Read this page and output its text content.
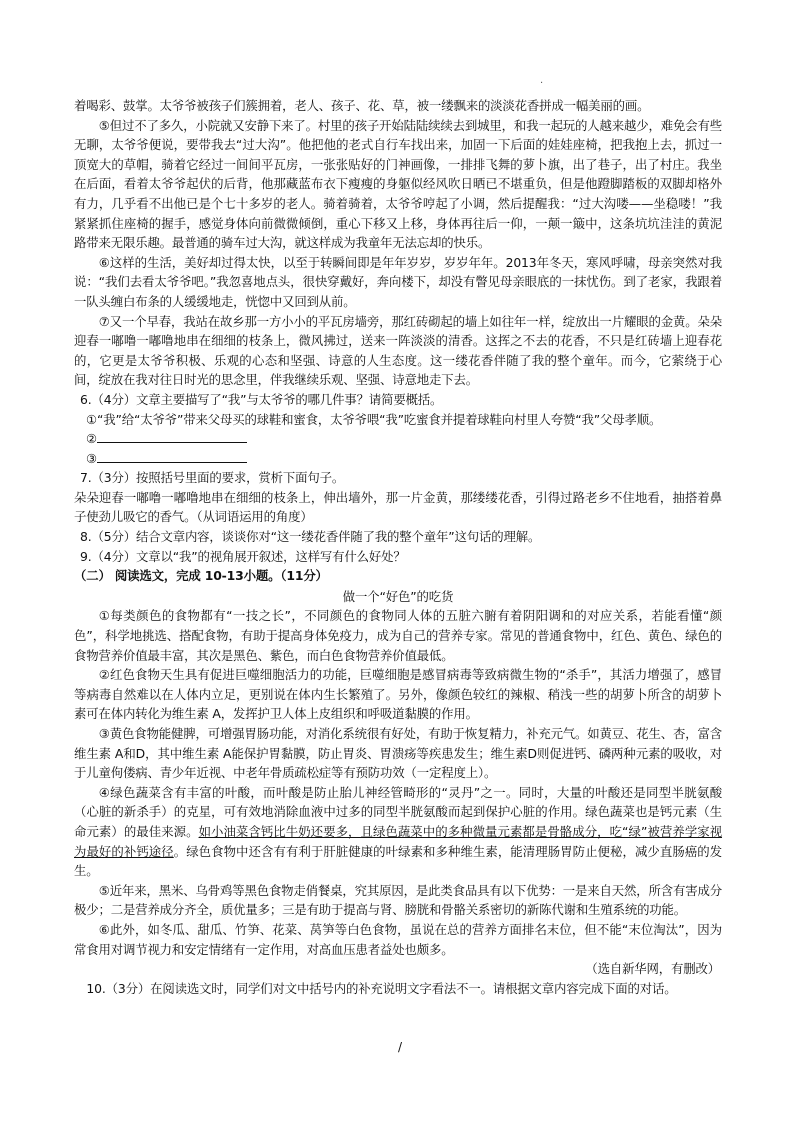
·

着喝彩、鼓掌。太爷爷被孩子们簇拥着，老人、孩子、花、草，被一缕飘来的淡淡花香拼成一幅美丽的画。

⑤但过不了多久，小院就又安静下来了。村里的孩子开始陆陆续续去到城里，和我一起玩的人越来越少，难免会有些无聊，太爷爷便说，要带我去“过大沟”。他把他的老式自行车找出来，加固一下后面的娃娃座椅，把我抱上去，抓过一顶宽大的草帽，骑着它经过一间间平瓦房，一张张贴好的门神画像，一排排飞舞的萝卜旗，出了巷子，出了村庄。我坐在后面，看着太爷爷起伏的后背，他那藏蓝布衣下瘦瘦的身躯似经风吹日晒已不堪重负，但是他蹬脚踏板的双脚却格外有力，几乎看不出他已是个七十多岁的老人。骑着骑着，太爷爷哼起了小调，然后提醒我：“过大沟喽——坐稳喽！”我紧紧抓住座椅的握手，感觉身体向前微微倾倒，重心下移又上移，身体再往后一仰，一颠一簸中，这条坑坑洼洼的黄泥路带来无限乐趣。最普通的骑车过大沟，就这样成为我童年无法忘却的快乐。

⑥这样的生活，美好却过得太快，以至于转瞬间即是年年岁岁，岁岁年年。2013年冬天，寒风呼啸，母亲突然对我说：“我们去看太爷爷吧。”我忽喜地点头，很快穿戴好，奔向楼下，却没有瞥见母亲眼底的一抹忧伤。到了老家，我跟着一队头缠白布条的人缓缓地走，恍惚中又回到从前。

⑦又一个早春，我站在故乡那一方小小的平瓦房墙旁，那红砖砌起的墙上如往年一样，绽放出一片耀眼的金黄。朵朵迎春一嘟噜一嘟噜地串在细细的枝条上，微风拂过，送来一阵淡淡的清香。这挥之不去的花香，不只是红砖墙上迎春花的，它更是太爷爷积极、乐观的心态和坚强、诗意的人生态度。这一缕花香伴随了我的整个童年。而今，它萦绕于心间，绽放在我对往日时光的思念里，伴我继续乐观、坚强、诗意地走下去。

6.（4分）文章主要描写了“我”与太爷爷的哪几件事？请简要概括。

①“我”给“太爷爷”带来父母买的球鞋和蜜食，太爷爷喂“我”吃蜜食并提着球鞋向村里人夸赞“我”父母孝顺。

②

③

7.（3分）按照括号里面的要求，赏析下面句子。

朵朵迎春一嘟噜一嘟噜地串在细细的枝条上，伸出墙外，那一片金黄，那缕缕花香，引得过路老乡不住地看，抽搭着鼻子使劲儿吸它的香气。（从词语运用的角度）

8.（5分）结合文章内容，谈谈你对“这一缕花香伴随了我的整个童年”这句话的理解。

9.（4分）文章以“我”的视角展开叙述，这样写有什么好处？

（二） 阅读选文，完成 10-13小题。（11分）

做一个“好色”的吃货

①每类颜色的食物都有“一技之长”，不同颜色的食物同人体的五脏六腑有着阴阳调和的对应关系，若能看懂“颜色”，科学地挑选、搭配食物，有助于提高身体免疫力，成为自己的营养专家。常见的普通食物中，红色、黄色、绿色的食物营养价值最丰富，其次是黑色、紫色，而白色食物营养价值最低。

②红色食物天生具有促进巨噬细胞活力的功能，巨噬细胞是感冒病毒等致病微生物的“杀手”，其活力增强了，感冒等病毒自然难以在人体内立足，更别说在体内生长繁殖了。另外，像颜色较红的辣椒、稍浅一些的胡萝卜所含的胡萝卜素可在体内转化为维生素 A，发挥护卫人体上皮组织和呼吸道黏膜的作用。

③黄色食物能健脾，可增强胃肠功能，对消化系统很有好处，有助于恢复精力，补充元气。如黄豆、花生、杏，富含维生素 A和D，其中维生素 A能保护胃黏膜，防止胃炎、胃溃疡等疾患发生；维生素D则促进钙、磷两种元素的吸收，对于儿童佝偻病、青少年近视、中老年骨质疏松症等有预防功效（一定程度上）。

④绿色蔬菜含有丰富的叶酸，而叶酸是防止胎儿神经管畸形的“灵丹”之一。同时，大量的叶酸还是同型半胱氨酸（心脏的新杀手）的克星，可有效地消除血液中过多的同型半胱氨酸而起到保护心脏的作用。绿色蔬菜也是钙元素（生命元素）的最佳来源。如小油菜含钙比牛奶还要多，且绿色蔬菜中的多种微量元素都是骨骼成分，吃“绿”被营养学家视为最好的补钙途径。绿色食物中还含有有利于肝脏健康的叶绿素和多种维生素，能清理肠胃防止便秘，减少直肠癌的发生。

⑤近年来，黑米、乌骨鸡等黑色食物走俏餐桌，究其原因，是此类食品具有以下优势：一是来自天然，所含有害成分极少；二是营养成分齐全，质优量多；三是有助于提高与肾、膀胱和骨骼关系密切的新陈代谢和生殖系统的功能。

⑥此外，如冬瓜、甜瓜、竹笋、花菜、莴笋等白色食物，虽说在总的营养方面排名末位，但不能“末位淘汰”，因为常食用对调节视力和安定情绪有一定作用，对高血压患者益处也颇多。

（选自新华网，有删改）

10.（3分）在阅读选文时，同学们对文中括号内的补充说明文字看法不一。请根据文章内容完成下面的对话。

/
